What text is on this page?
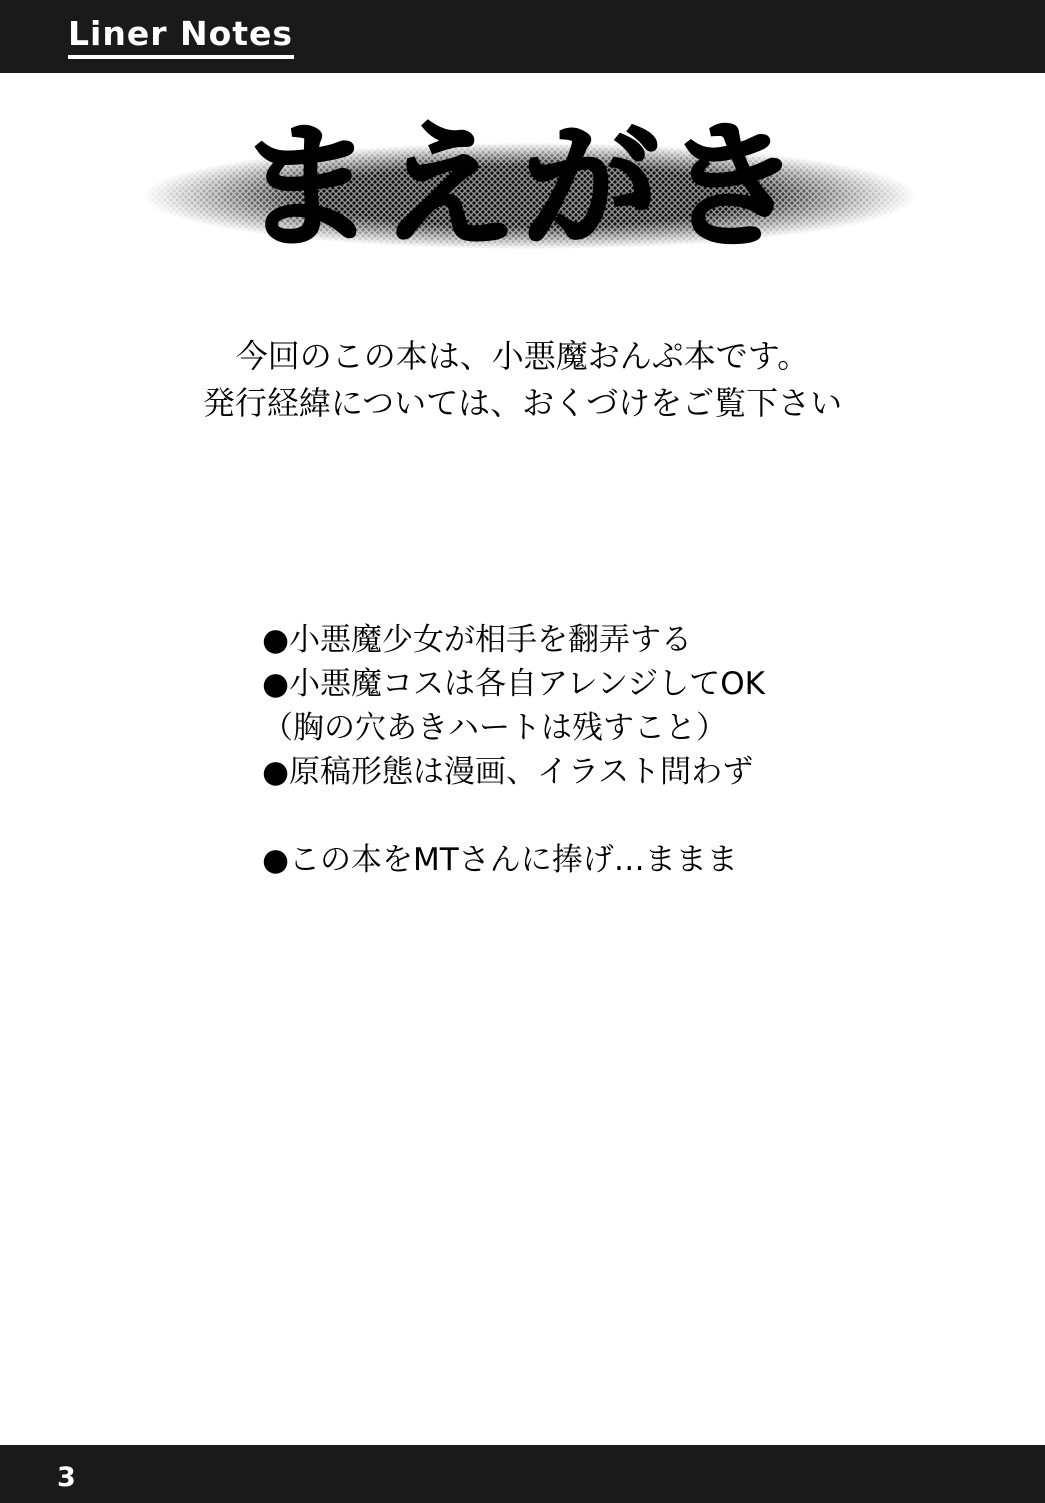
Liner Notes
まえがき
今回のこの本は、小悪魔おんぷ本です。
発行経緯については、おくづけをご覧下さい
●小悪魔少女が相手を翻弄する
●小悪魔コスは各自アレンジしてOK
（胸の穴あきハートは残すこと）
●原稿形態は漫画、イラスト問わず
●この本をMTさんに捧げ…ままま
3
